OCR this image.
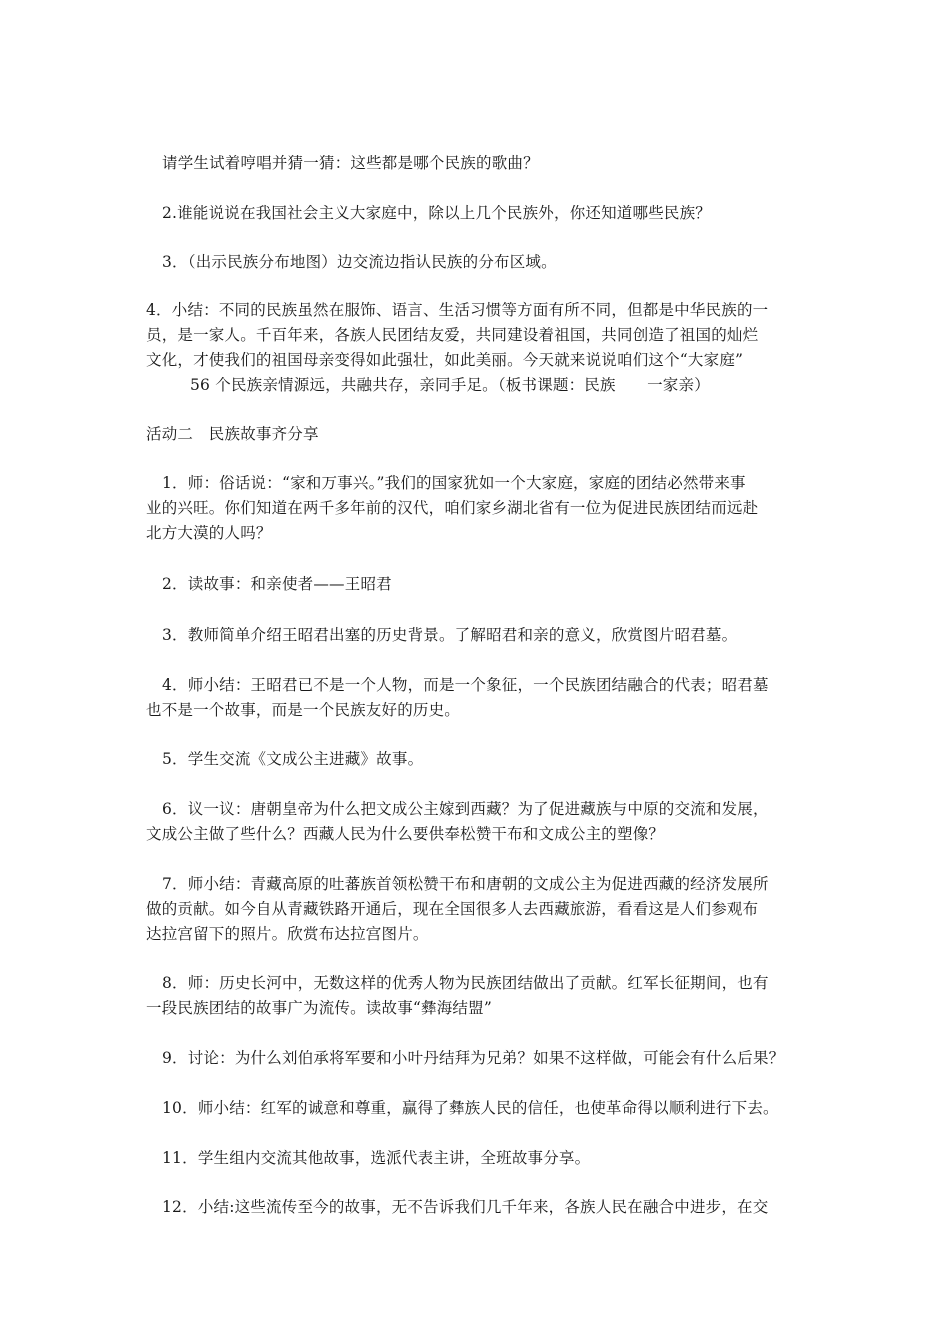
请学生试着哼唱并猜一猜：这些都是哪个民族的歌曲？
2.谁能说说在我国社会主义大家庭中，除以上几个民族外，你还知道哪些民族？
3．（出示民族分布地图）边交流边指认民族的分布区域。
4．小结：不同的民族虽然在服饰、语言、生活习惯等方面有所不同，但都是中华民族的一
员，是一家人。千百年来，各族人民团结友爱，共同建设着祖国，共同创造了祖国的灿烂
文化，才使我们的祖国母亲变得如此强壮，如此美丽。今天就来说说咱们这个“大家庭”
56 个民族亲情源远，共融共存，亲同手足。（板书课题：民族　　一家亲）
活动二　民族故事齐分享
1．师：俗话说：“家和万事兴。”我们的国家犹如一个大家庭，家庭的团结必然带来事
业的兴旺。你们知道在两千多年前的汉代，咱们家乡湖北省有一位为促进民族团结而远赴
北方大漠的人吗？
2．读故事：和亲使者——王昭君
3．教师简单介绍王昭君出塞的历史背景。了解昭君和亲的意义，欣赏图片昭君墓。
4．师小结：王昭君已不是一个人物，而是一个象征，一个民族团结融合的代表；昭君墓
也不是一个故事，而是一个民族友好的历史。
5．学生交流《文成公主进藏》故事。
6．议一议：唐朝皇帝为什么把文成公主嫁到西藏？为了促进藏族与中原的交流和发展，
文成公主做了些什么？西藏人民为什么要供奉松赞干布和文成公主的塑像？
7．师小结：青藏高原的吐蕃族首领松赞干布和唐朝的文成公主为促进西藏的经济发展所
做的贡献。如今自从青藏铁路开通后，现在全国很多人去西藏旅游，看看这是人们参观布
达拉宫留下的照片。欣赏布达拉宫图片。
8．师：历史长河中，无数这样的优秀人物为民族团结做出了贡献。红军长征期间，也有
一段民族团结的故事广为流传。读故事“彝海结盟”
9．讨论：为什么刘伯承将军要和小叶丹结拜为兄弟？如果不这样做，可能会有什么后果？
10．师小结：红军的诚意和尊重，赢得了彝族人民的信任，也使革命得以顺利进行下去。
11．学生组内交流其他故事，选派代表主讲，全班故事分享。
12．小结:这些流传至今的故事，无不告诉我们几千年来，各族人民在融合中进步，在交
